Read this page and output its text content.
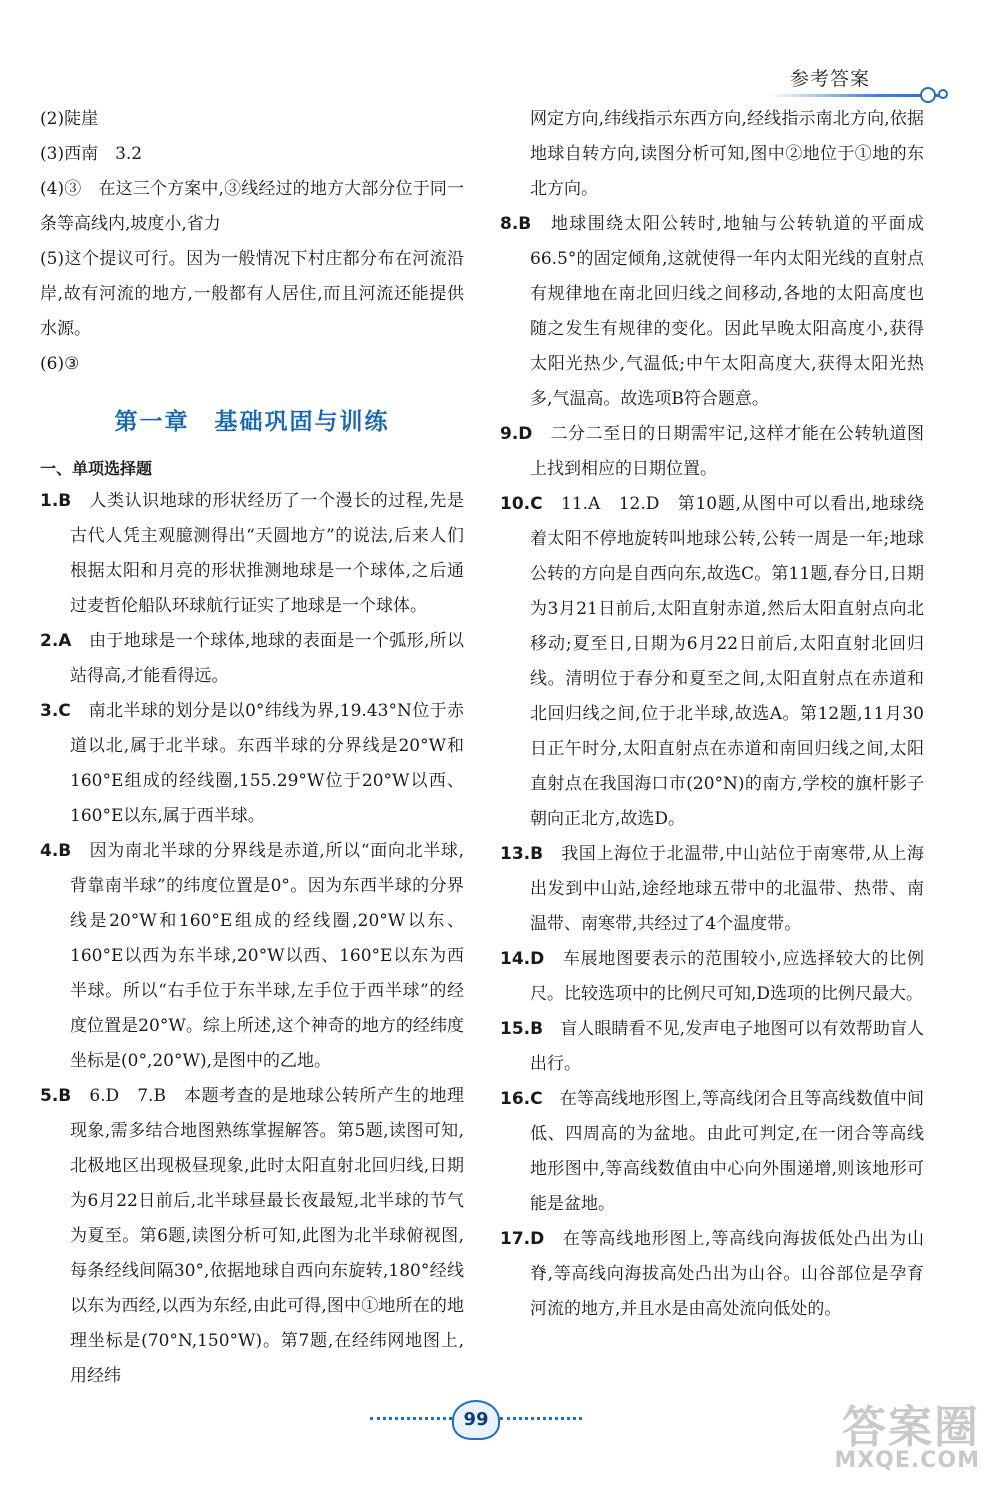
参考答案

(2)陡崖

(3)西南　3.2

(4)③　在这三个方案中,③线经过的地方大部分位于同一条等高线内,坡度小,省力

(5)这个提议可行。因为一般情况下村庄都分布在河流沿岸,故有河流的地方,一般都有人居住,而且河流还能提供水源。

(6)③

第一章　基础巩固与训练

一、单项选择题

1.B　人类认识地球的形状经历了一个漫长的过程,先是古代人凭主观臆测得出“天圆地方”的说法,后来人们根据太阳和月亮的形状推测地球是一个球体,之后通过麦哲伦船队环球航行证实了地球是一个球体。

2.A　由于地球是一个球体,地球的表面是一个弧形,所以站得高,才能看得远。

3.C　南北半球的划分是以0°纬线为界,19.43°N位于赤道以北,属于北半球。东西半球的分界线是20°W和160°E组成的经线圈,155.29°W位于20°W以西、160°E以东,属于西半球。

4.B　因为南北半球的分界线是赤道,所以“面向北半球,背靠南半球”的纬度位置是0°。因为东西半球的分界线是20°W和160°E组成的经线圈,20°W以东、160°E以西为东半球,20°W以西、160°E以东为西半球。所以“右手位于东半球,左手位于西半球”的经度位置是20°W。综上所述,这个神奇的地方的经纬度坐标是(0°,20°W),是图中的乙地。

5.B　6.D　7.B　本题考查的是地球公转所产生的地理现象,需多结合地图熟练掌握解答。第5题,读图可知,北极地区出现极昼现象,此时太阳直射北回归线,日期为6月22日前后,北半球昼最长夜最短,北半球的节气为夏至。第6题,读图分析可知,此图为北半球俯视图,每条经线间隔30°,依据地球自西向东旋转,180°经线以东为西经,以西为东经,由此可得,图中①地所在的地理坐标是(70°N,150°W)。第7题,在经纬网地图上,用经纬

网定方向,纬线指示东西方向,经线指示南北方向,依据地球自转方向,读图分析可知,图中②地位于①地的东北方向。

8.B　地球围绕太阳公转时,地轴与公转轨道的平面成66.5°的固定倾角,这就使得一年内太阳光线的直射点有规律地在南北回归线之间移动,各地的太阳高度也随之发生有规律的变化。因此早晚太阳高度小,获得太阳光热少,气温低;中午太阳高度大,获得太阳光热多,气温高。故选项B符合题意。

9.D　二分二至日的日期需牢记,这样才能在公转轨道图上找到相应的日期位置。

10.C　11.A　12.D　第10题,从图中可以看出,地球绕着太阳不停地旋转叫地球公转,公转一周是一年;地球公转的方向是自西向东,故选C。第11题,春分日,日期为3月21日前后,太阳直射赤道,然后太阳直射点向北移动;夏至日,日期为6月22日前后,太阳直射北回归线。清明位于春分和夏至之间,太阳直射点在赤道和北回归线之间,位于北半球,故选A。第12题,11月30日正午时分,太阳直射点在赤道和南回归线之间,太阳直射点在我国海口市(20°N)的南方,学校的旗杆影子朝向正北方,故选D。

13.B　我国上海位于北温带,中山站位于南寒带,从上海出发到中山站,途经地球五带中的北温带、热带、南温带、南寒带,共经过了4个温度带。

14.D　车展地图要表示的范围较小,应选择较大的比例尺。比较选项中的比例尺可知,D选项的比例尺最大。

15.B　盲人眼睛看不见,发声电子地图可以有效帮助盲人出行。

16.C　在等高线地形图上,等高线闭合且等高线数值中间低、四周高的为盆地。由此可判定,在一闭合等高线地形图中,等高线数值由中心向外围递增,则该地形可能是盆地。

17.D　在等高线地形图上,等高线向海拔低处凸出为山脊,等高线向海拔高处凸出为山谷。山谷部位是孕育河流的地方,并且水是由高处流向低处的。

99	答案圈
MXQE.COM
